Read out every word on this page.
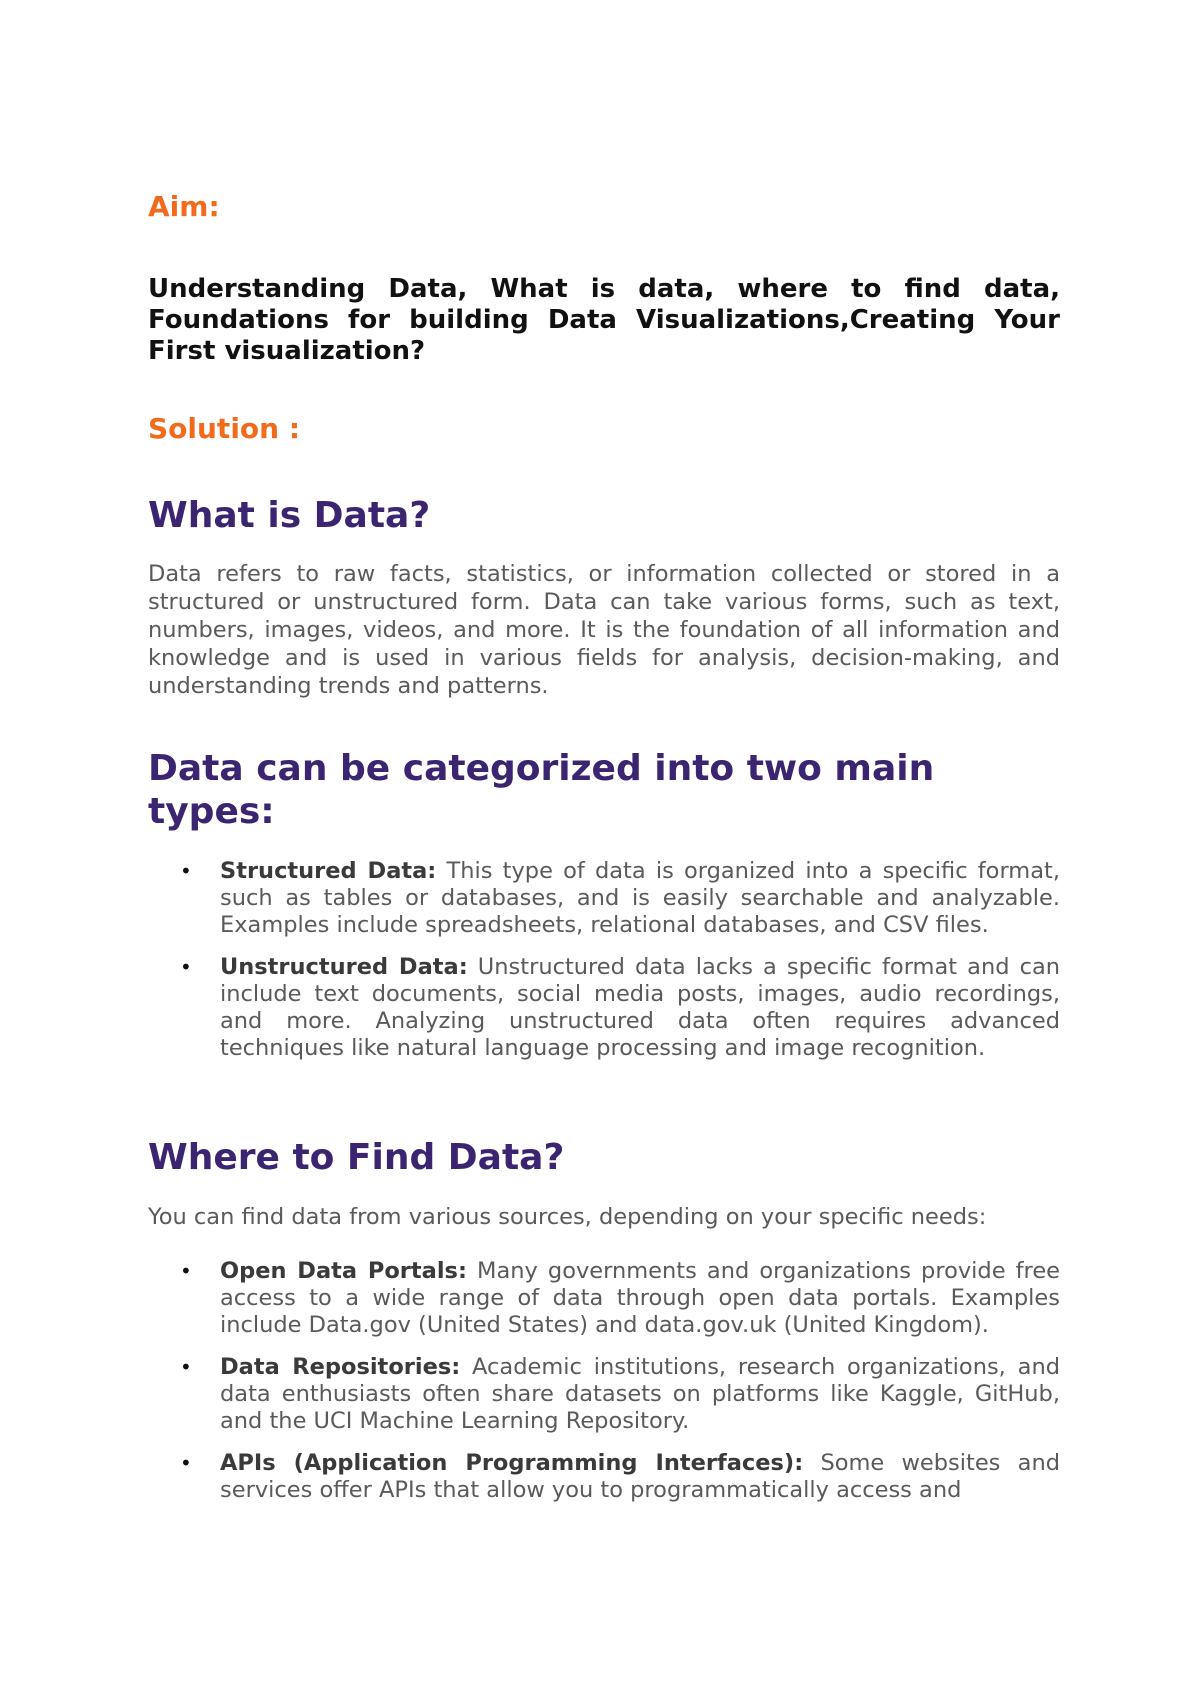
Aim:

Understanding Data, What is data, where to find data, Foundations for building Data Visualizations,Creating Your First visualization?

Solution :
What is Data?

Data refers to raw facts, statistics, or information collected or stored in a structured or unstructured form. Data can take various forms, such as text, numbers, images, videos, and more. It is the foundation of all information and knowledge and is used in various fields for analysis, decision-making, and understanding trends and patterns.

Data can be categorized into two main types:
• Structured Data: This type of data is organized into a specific format, such as tables or databases, and is easily searchable and analyzable. Examples include spreadsheets, relational databases, and CSV files.
• Unstructured Data: Unstructured data lacks a specific format and can include text documents, social media posts, images, audio recordings, and more. Analyzing unstructured data often requires advanced techniques like natural language processing and image recognition.
Where to Find Data?

You can find data from various sources, depending on your specific needs:

• Open Data Portals: Many governments and organizations provide free access to a wide range of data through open data portals. Examples include Data.gov (United States) and data.gov.uk (United Kingdom).
• Data Repositories: Academic institutions, research organizations, and data enthusiasts often share datasets on platforms like Kaggle, GitHub, and the UCI Machine Learning Repository.
• APIs (Application Programming Interfaces): Some websites and services offer APIs that allow you to programmatically access and
